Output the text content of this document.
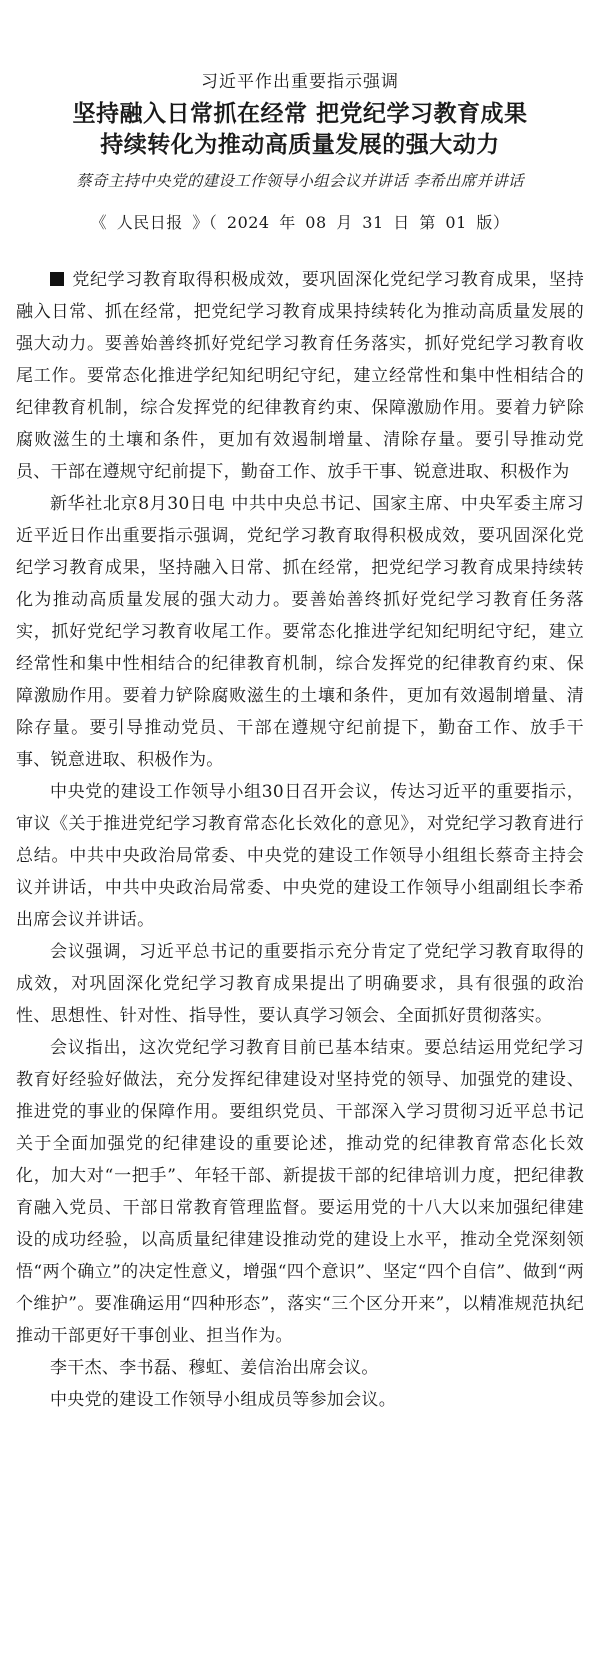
习近平作出重要指示强调
坚持融入日常抓在经常 把党纪学习教育成果
持续转化为推动高质量发展的强大动力
蔡奇主持中央党的建设工作领导小组会议并讲话 李希出席并讲话
《 人民日报 》（ 2024 年 08 月 31 日 第 01 版）

党纪学习教育取得积极成效，要巩固深化党纪学习教育成果，坚持融入日常、抓在经常，把党纪学习教育成果持续转化为推动高质量发展的强大动力。要善始善终抓好党纪学习教育任务落实，抓好党纪学习教育收尾工作。要常态化推进学纪知纪明纪守纪，建立经常性和集中性相结合的纪律教育机制，综合发挥党的纪律教育约束、保障激励作用。要着力铲除腐败滋生的土壤和条件，更加有效遏制增量、清除存量。要引导推动党员、干部在遵规守纪前提下，勤奋工作、放手干事、锐意进取、积极作为

新华社北京8月30日电 中共中央总书记、国家主席、中央军委主席习近平近日作出重要指示强调，党纪学习教育取得积极成效，要巩固深化党纪学习教育成果，坚持融入日常、抓在经常，把党纪学习教育成果持续转化为推动高质量发展的强大动力。要善始善终抓好党纪学习教育任务落实，抓好党纪学习教育收尾工作。要常态化推进学纪知纪明纪守纪，建立经常性和集中性相结合的纪律教育机制，综合发挥党的纪律教育约束、保障激励作用。要着力铲除腐败滋生的土壤和条件，更加有效遏制增量、清除存量。要引导推动党员、干部在遵规守纪前提下，勤奋工作、放手干事、锐意进取、积极作为。

中央党的建设工作领导小组30日召开会议，传达习近平的重要指示，审议《关于推进党纪学习教育常态化长效化的意见》，对党纪学习教育进行总结。中共中央政治局常委、中央党的建设工作领导小组组长蔡奇主持会议并讲话，中共中央政治局常委、中央党的建设工作领导小组副组长李希出席会议并讲话。

会议强调，习近平总书记的重要指示充分肯定了党纪学习教育取得的成效，对巩固深化党纪学习教育成果提出了明确要求，具有很强的政治性、思想性、针对性、指导性，要认真学习领会、全面抓好贯彻落实。

会议指出，这次党纪学习教育目前已基本结束。要总结运用党纪学习教育好经验好做法，充分发挥纪律建设对坚持党的领导、加强党的建设、推进党的事业的保障作用。要组织党员、干部深入学习贯彻习近平总书记关于全面加强党的纪律建设的重要论述，推动党的纪律教育常态化长效化，加大对“一把手”、年轻干部、新提拔干部的纪律培训力度，把纪律教育融入党员、干部日常教育管理监督。要运用党的十八大以来加强纪律建设的成功经验，以高质量纪律建设推动党的建设上水平，推动全党深刻领悟“两个确立”的决定性意义，增强“四个意识”、坚定“四个自信”、做到“两个维护”。要准确运用“四种形态”，落实“三个区分开来”，以精准规范执纪推动干部更好干事创业、担当作为。

李干杰、李书磊、穆虹、姜信治出席会议。

中央党的建设工作领导小组成员等参加会议。
